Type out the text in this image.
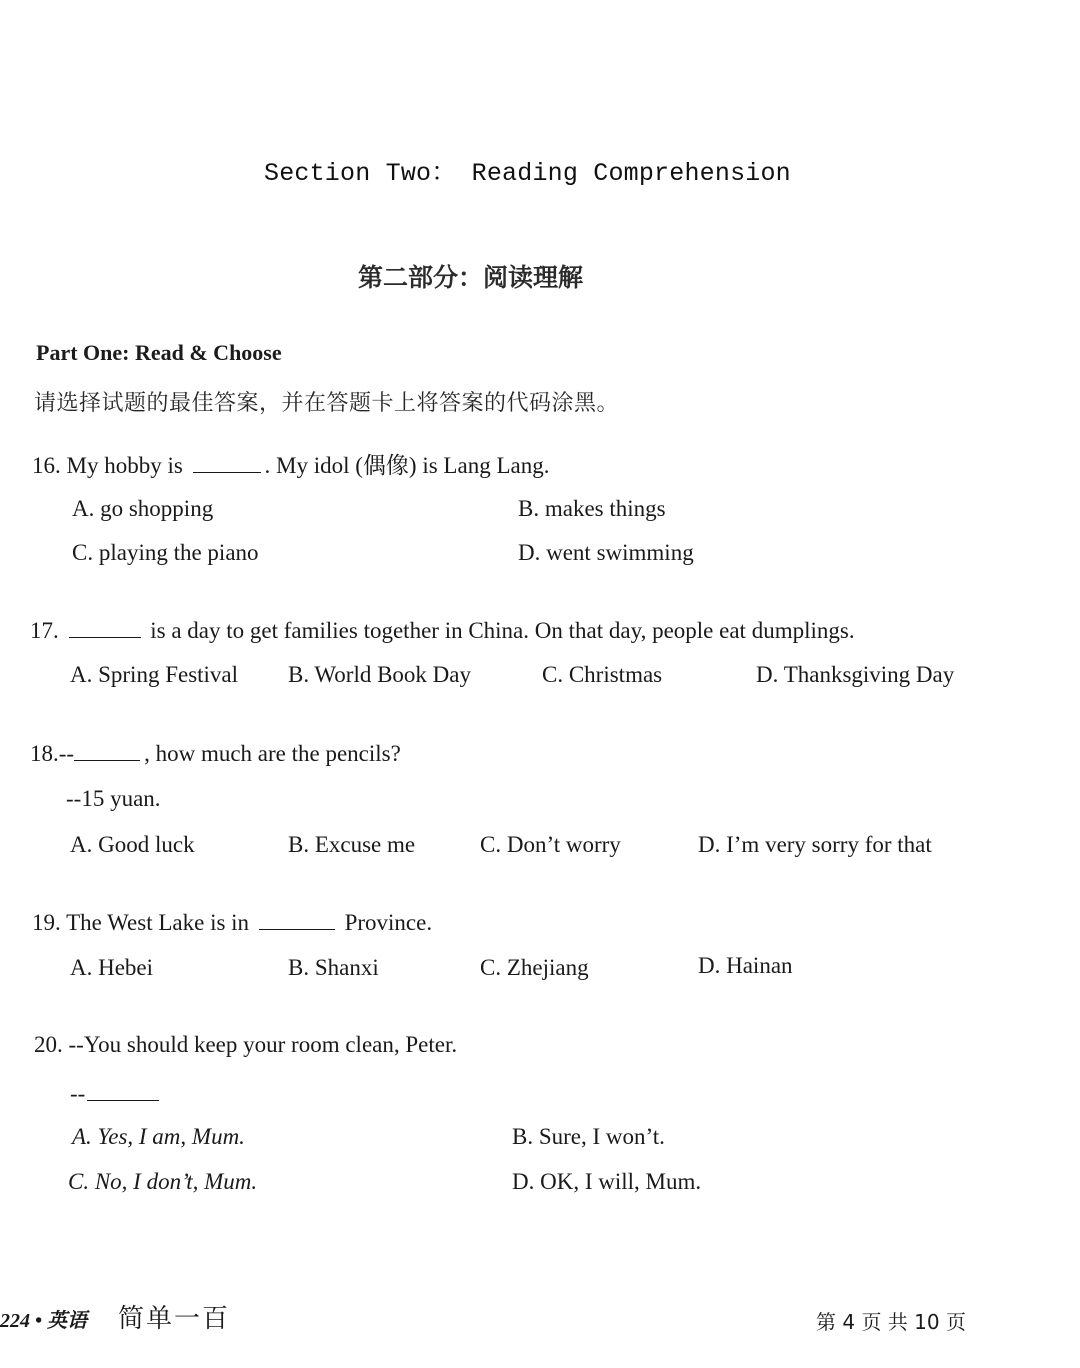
Section Two： Reading Comprehension
第二部分：阅读理解
Part One: Read & Choose
请选择试题的最佳答案，并在答题卡上将答案的代码涂黑。
16. My hobby is	. My idol (偶像) is Lang Lang.
A. go shopping	B. makes things
C. playing the piano	D. went swimming
17.	is a day to get families together in China. On that day, people eat dumplings.
A. Spring Festival B. World Book Day	C. Christmas	D. Thanksgiving Day
18.--	, how much are the pencils?
--15 yuan.
A. Good luck	B. Excuse me	C. Don’t worry	D. I’m very sorry for that
19. The West Lake is in	Province.
A. Hebei	B. Shanxi	C. Zhejiang	D. Hainan
20. --You should keep your room clean, Peter.
--
A. Yes, I am, Mum.	B. Sure, I won’t.
C. No, I don’t, Mum.	D. OK, I will, Mum.
224 • 英语 简单一百	第 4 页 共 10 页
